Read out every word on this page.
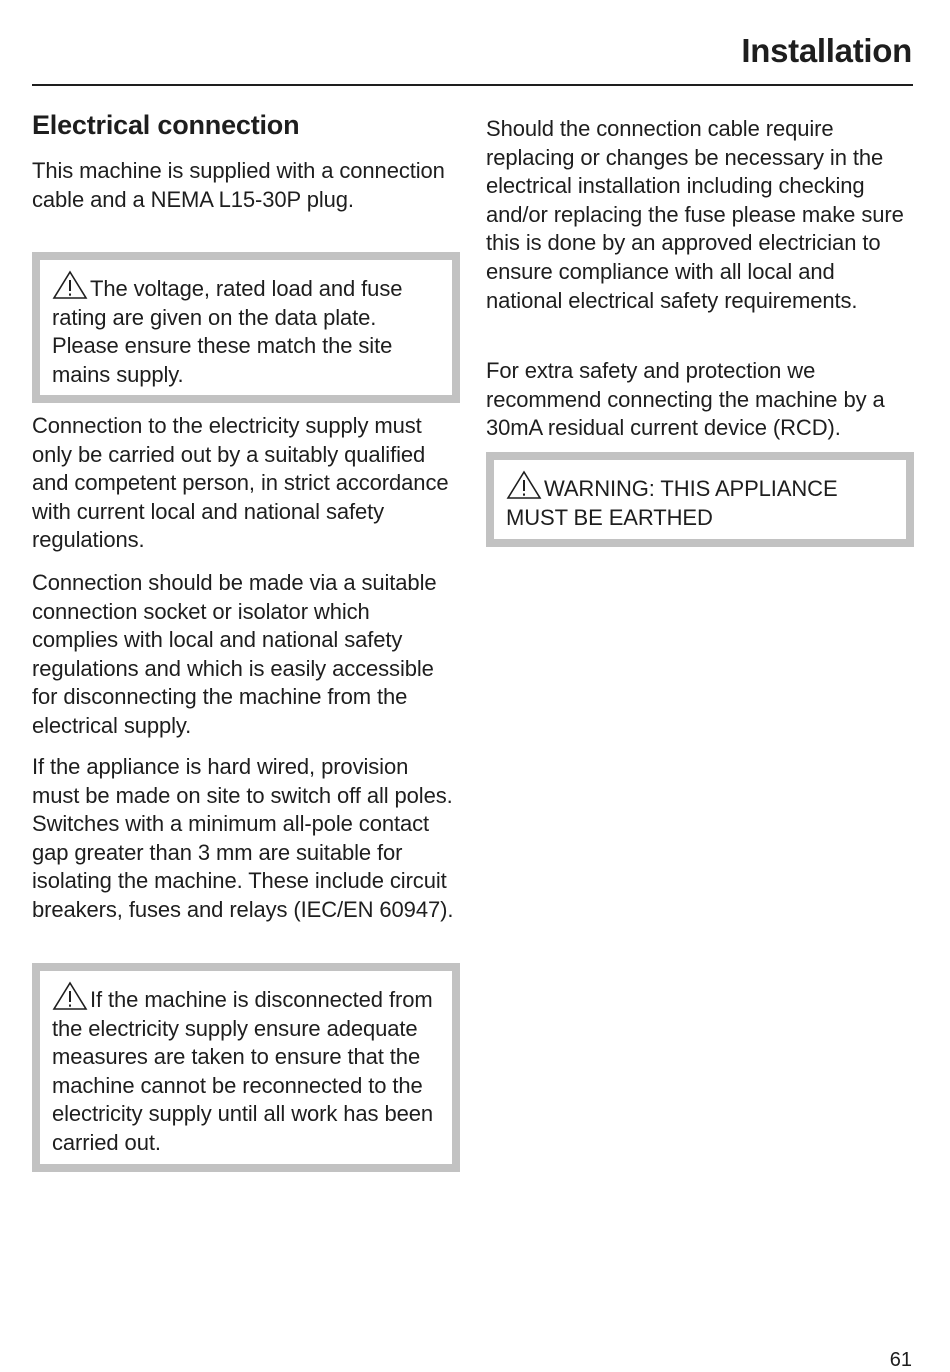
Installation
Electrical connection

This machine is supplied with a connection cable and a NEMA L15-30P plug.

The voltage, rated load and fuse rating are given on the data plate. Please ensure these match the site mains supply.

Connection to the electricity supply must only be carried out by a suitably qualified and competent person, in strict accordance with current local and national safety regulations.

Connection should be made via a suitable connection socket or isolator which complies with local and national safety regulations and which is easily accessible for disconnecting the machine from the electrical supply.

If the appliance is hard wired, provision must be made on site to switch off all poles. Switches with a minimum all-pole contact gap greater than 3 mm are suitable for isolating the machine. These include circuit breakers, fuses and relays (IEC/EN 60947).

If the machine is disconnected from the electricity supply ensure adequate measures are taken to ensure that the machine cannot be reconnected to the electricity supply until all work has been carried out.

Should the connection cable require replacing or changes be necessary in the electrical installation including checking and/or replacing the fuse please make sure this is done by an approved electrician to ensure compliance with all local and national electrical safety requirements.

For extra safety and protection we recommend connecting the machine by a 30mA residual current device (RCD).

WARNING: THIS APPLIANCE MUST BE EARTHED

61
